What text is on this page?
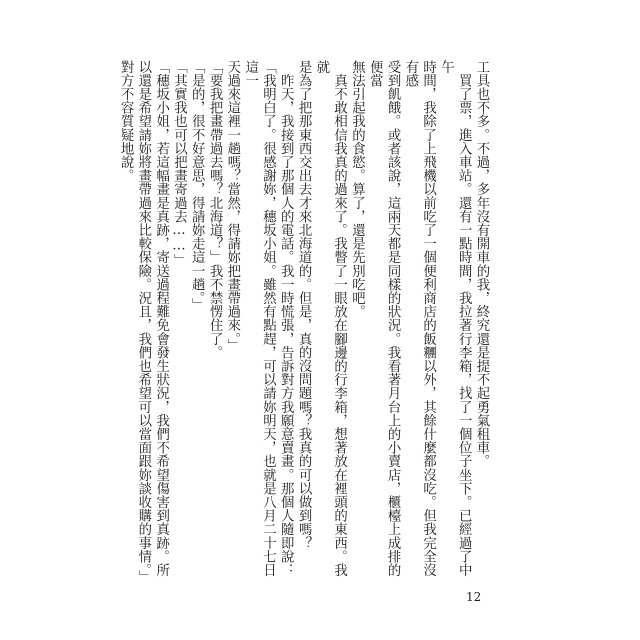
工具也不多。不過，多年沒有開車的我，終究還是提不起勇氣租車。

　買了票，進入車站。還有一點時間，我拉著行李箱，找了一個位子坐下。已經過了中午

時間，我除了上飛機以前吃了一個便利商店的飯糰以外，其餘什麼都沒吃。但我完全沒有感

受到飢餓。或者該說，這兩天都是同樣的狀況。我看著月台上的小賣店，櫃檯上成排的便當

無法引起我的食慾。算了，還是先別吃吧。

　真不敢相信我真的過來了。我瞥了一眼放在腳邊的行李箱，想著放在裡頭的東西。我就

是為了把那東西交出去才來北海道的。但是，真的沒問題嗎？我真的可以做到嗎？

　昨天，我接到了那個人的電話。我一時慌張，告訴對方我願意賣畫。那個人隨即說：

「我明白了。很感謝妳，穗坂小姐。雖然有點趕，可以請妳明天，也就是八月二十七日這一

天過來這裡一趟嗎？當然，得請妳把畫帶過來。」

「要我把畫帶過去嗎？北海道？」我不禁愣住了。

「是的，很不好意思，得請妳走這一趟。」

「其實我也可以把畫寄過去……」

「穗坂小姐，若這幅畫是真跡，寄送過程難免會發生狀況，我們不希望傷害到真跡。所

以還是希望請妳將畫帶過來比較保險。況且，我們也希望可以當面跟妳談收購的事情。」

對方不容質疑地說。

12
